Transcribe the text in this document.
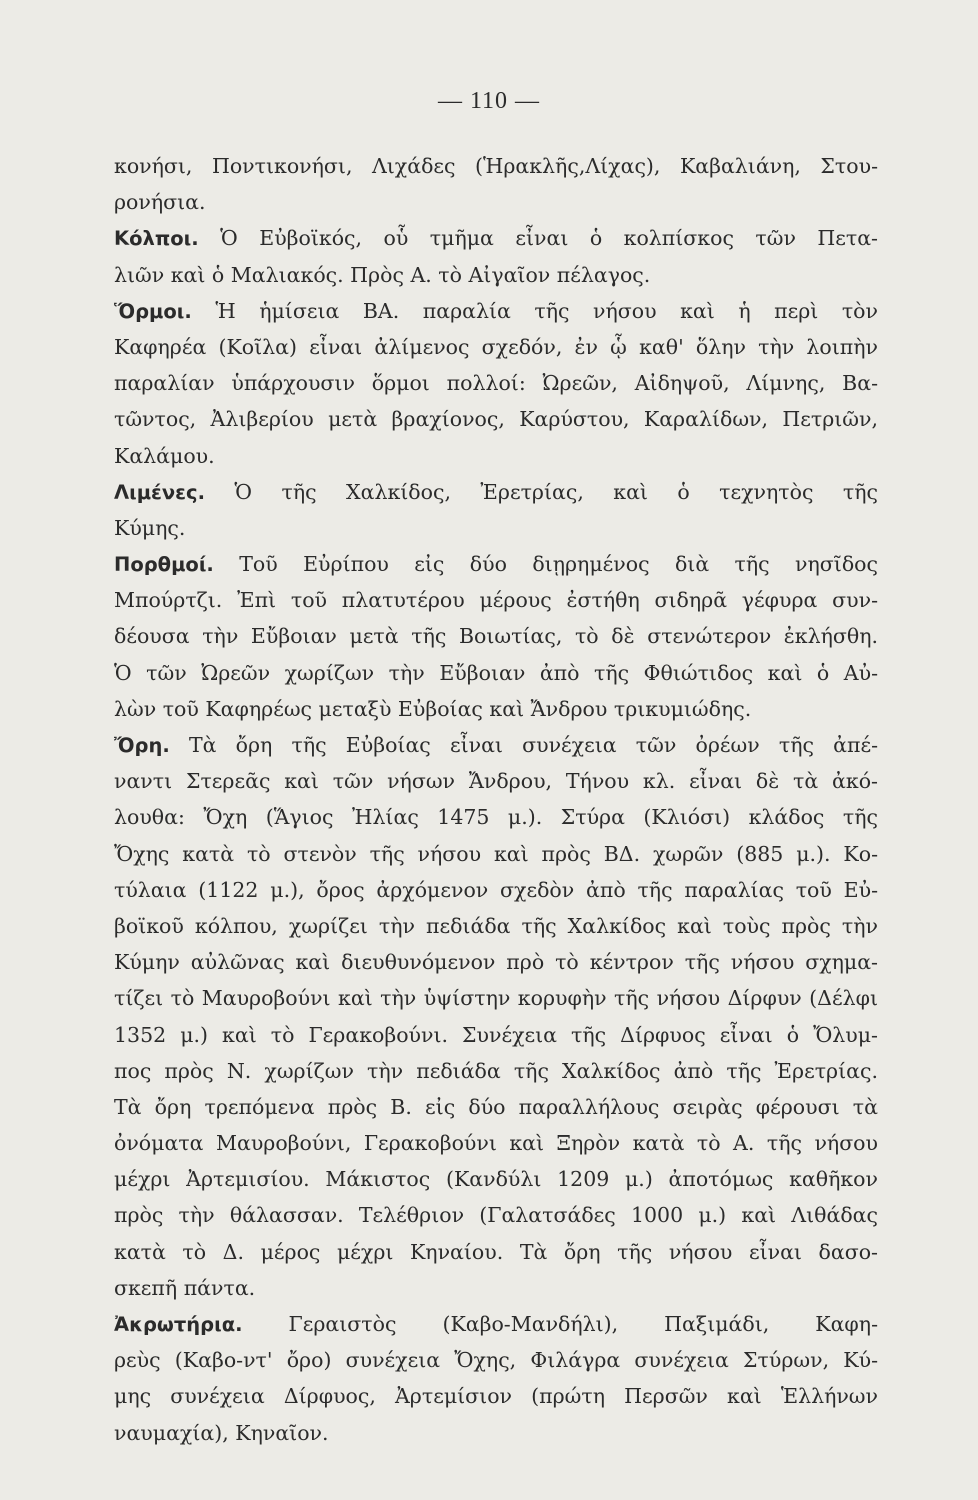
— 110 —
κονήσι, Ποντικονήσι, Λιχάδες (Ἡρακλῆς,Λίχας), Καβαλιάνη, Στου-
ρονήσια.
Κόλποι. Ὁ Εὐβοϊκός, οὗ τμῆμα εἶναι ὁ κολπίσκος τῶν Πετα-
λιῶν καὶ ὁ Μαλιακός. Πρὸς Α. τὸ Αἰγαῖον πέλαγος.
Ὅρμοι. Ἡ ἡμίσεια ΒΑ. παραλία τῆς νήσου καὶ ἡ περὶ τὸν
Καφηρέα (Κοῖλα) εἶναι ἀλίμενος σχεδόν, ἐν ᾧ καθ' ὅλην τὴν λοιπὴν
παραλίαν ὑπάρχουσιν ὅρμοι πολλοί: Ὠρεῶν, Αἰδηψοῦ, Λίμνης, Βα-
τῶντος, Ἀλιβερίου μετὰ βραχίονος, Καρύστου, Καραλίδων, Πετριῶν,
Καλάμου.
Λιμένες. Ὁ τῆς Χαλκίδος, Ἐρετρίας, καὶ ὁ τεχνητὸς τῆς
Κύμης.
Πορθμοί. Τοῦ Εὐρίπου εἰς δύο διῃρημένος διὰ τῆς νησῖδος
Μπούρτζι. Ἐπὶ τοῦ πλατυτέρου μέρους ἐστήθη σιδηρᾶ γέφυρα συν-
δέουσα τὴν Εὔβοιαν μετὰ τῆς Βοιωτίας, τὸ δὲ στενώτερον ἐκλήσθη.
Ὁ τῶν Ὠρεῶν χωρίζων τὴν Εὔβοιαν ἀπὸ τῆς Φθιώτιδος καὶ ὁ Αὐ-
λὼν τοῦ Καφηρέως μεταξὺ Εὐβοίας καὶ Ἄνδρου τρικυμιώδης.
Ὄρη. Τὰ ὄρη τῆς Εὐβοίας εἶναι συνέχεια τῶν ὀρέων τῆς ἀπέ-
ναντι Στερεᾶς καὶ τῶν νήσων Ἄνδρου, Τήνου κλ. εἶναι δὲ τὰ ἀκό-
λουθα: Ὄχη (Ἅγιος Ἠλίας 1475 μ.). Στύρα (Κλιόσι) κλάδος τῆς
Ὄχης κατὰ τὸ στενὸν τῆς νήσου καὶ πρὸς ΒΔ. χωρῶν (885 μ.). Κο-
τύλαια (1122 μ.), ὄρος ἀρχόμενον σχεδὸν ἀπὸ τῆς παραλίας τοῦ Εὐ-
βοϊκοῦ κόλπου, χωρίζει τὴν πεδιάδα τῆς Χαλκίδος καὶ τοὺς πρὸς τὴν
Κύμην αὐλῶνας καὶ διευθυνόμενον πρὸ τὸ κέντρον τῆς νήσου σχημα-
τίζει τὸ Μαυροβούνι καὶ τὴν ὑψίστην κορυφὴν τῆς νήσου Δίρφυν (Δέλφι
1352 μ.) καὶ τὸ Γερακοβούνι. Συνέχεια τῆς Δίρφυος εἶναι ὁ Ὄλυμ-
πος πρὸς Ν. χωρίζων τὴν πεδιάδα τῆς Χαλκίδος ἀπὸ τῆς Ἐρετρίας.
Τὰ ὄρη τρεπόμενα πρὸς Β. εἰς δύο παραλλήλους σειρὰς φέρουσι τὰ
ὀνόματα Μαυροβούνι, Γερακοβούνι καὶ Ξηρὸν κατὰ τὸ Α. τῆς νήσου
μέχρι Ἀρτεμισίου. Μάκιστος (Κανδύλι 1209 μ.) ἀποτόμως καθῆκον
πρὸς τὴν θάλασσαν. Τελέθριον (Γαλατσάδες 1000 μ.) καὶ Λιθάδας
κατὰ τὸ Δ. μέρος μέχρι Κηναίου. Τὰ ὄρη τῆς νήσου εἶναι δασο-
σκεπῆ πάντα.
Ἀκρωτήρια. Γεραιστὸς (Καβο-Μανδήλι), Παξιμάδι, Καφη-
ρεὺς (Καβο-ντ' ὄρο) συνέχεια Ὄχης, Φιλάγρα συνέχεια Στύρων, Κύ-
μης συνέχεια Δίρφυος, Ἀρτεμίσιον (πρώτη Περσῶν καὶ Ἑλλήνων
ναυμαχία), Κηναῖον.
